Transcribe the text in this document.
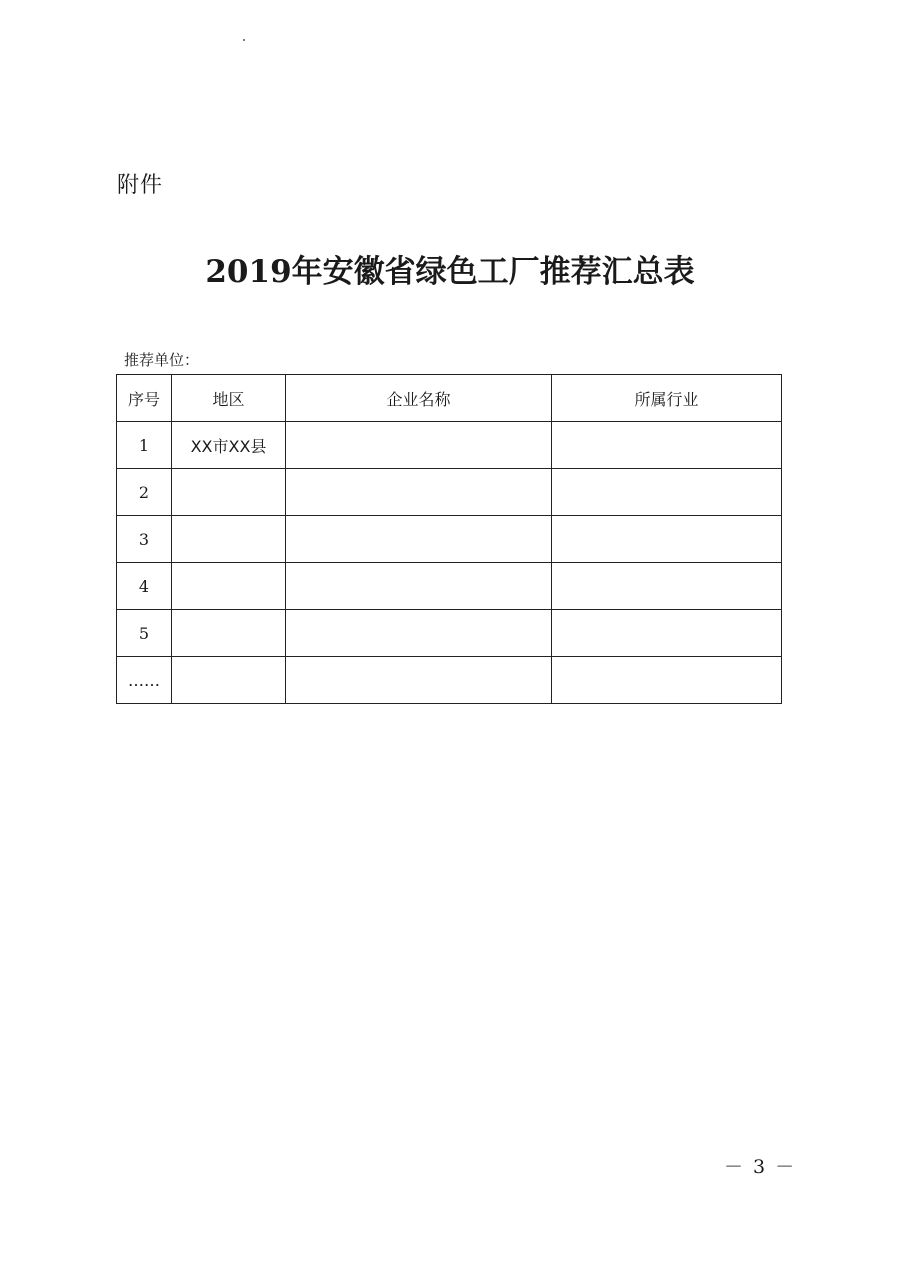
附件
2019年安徽省绿色工厂推荐汇总表
推荐单位：
序号	地区	企业名称	所属行业
1	XX市XX县		
2			
3			
4			
5			
……			
－ 3 －
